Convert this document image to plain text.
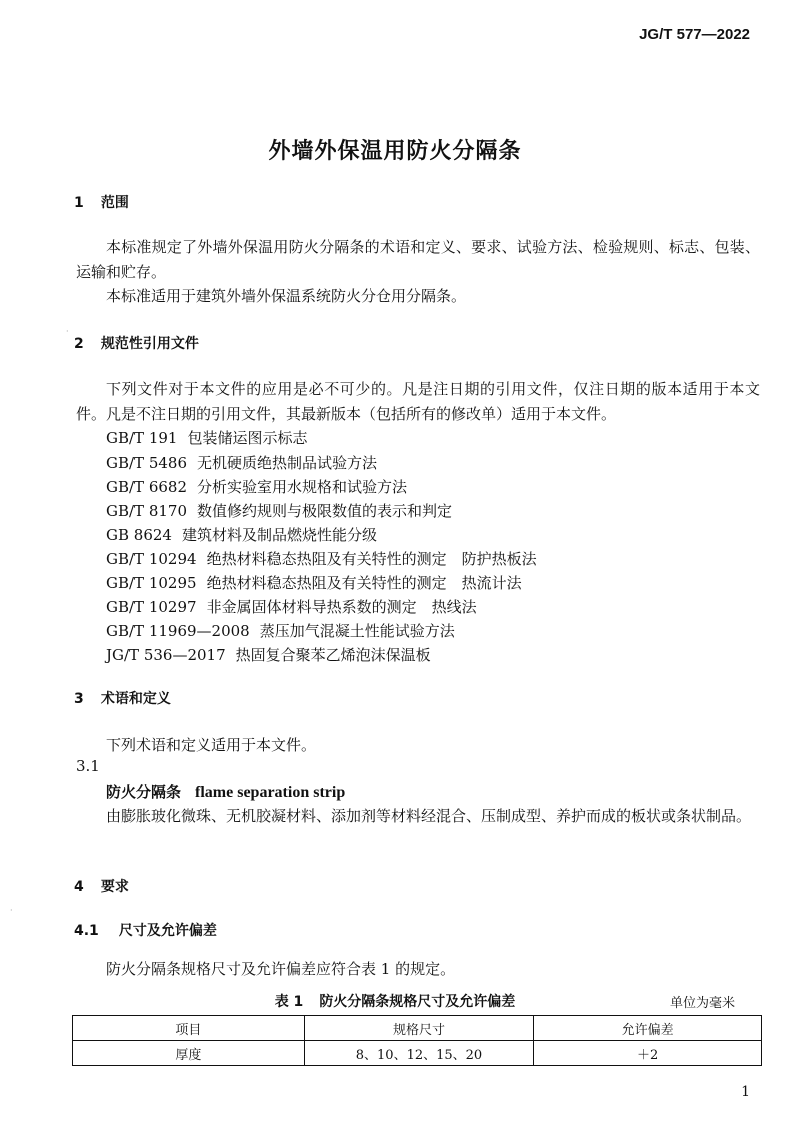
JG/T 577—2022
外墙外保温用防火分隔条
1 范围
本标准规定了外墙外保温用防火分隔条的术语和定义、要求、试验方法、检验规则、标志、包装、运输和贮存。
本标准适用于建筑外墙外保温系统防火分仓用分隔条。
2 规范性引用文件
下列文件对于本文件的应用是必不可少的。凡是注日期的引用文件，仅注日期的版本适用于本文件。凡是不注日期的引用文件，其最新版本（包括所有的修改单）适用于本文件。
GB/T 191 包装储运图示标志
GB/T 5486 无机硬质绝热制品试验方法
GB/T 6682 分析实验室用水规格和试验方法
GB/T 8170 数值修约规则与极限数值的表示和判定
GB 8624 建筑材料及制品燃烧性能分级
GB/T 10294 绝热材料稳态热阻及有关特性的测定　防护热板法
GB/T 10295 绝热材料稳态热阻及有关特性的测定　热流计法
GB/T 10297 非金属固体材料导热系数的测定　热线法
GB/T 11969—2008 蒸压加气混凝土性能试验方法
JG/T 536—2017 热固复合聚苯乙烯泡沫保温板
3 术语和定义
下列术语和定义适用于本文件。
3.1
防火分隔条 flame separation strip
由膨胀玻化微珠、无机胶凝材料、添加剂等材料经混合、压制成型、养护而成的板状或条状制品。
4 要求
4.1 尺寸及允许偏差
防火分隔条规格尺寸及允许偏差应符合表 1 的规定。
表 1 防火分隔条规格尺寸及允许偏差	单位为毫米
项目	规格尺寸	允许偏差
厚度	8、10、12、15、20	＋2
1
·
·
